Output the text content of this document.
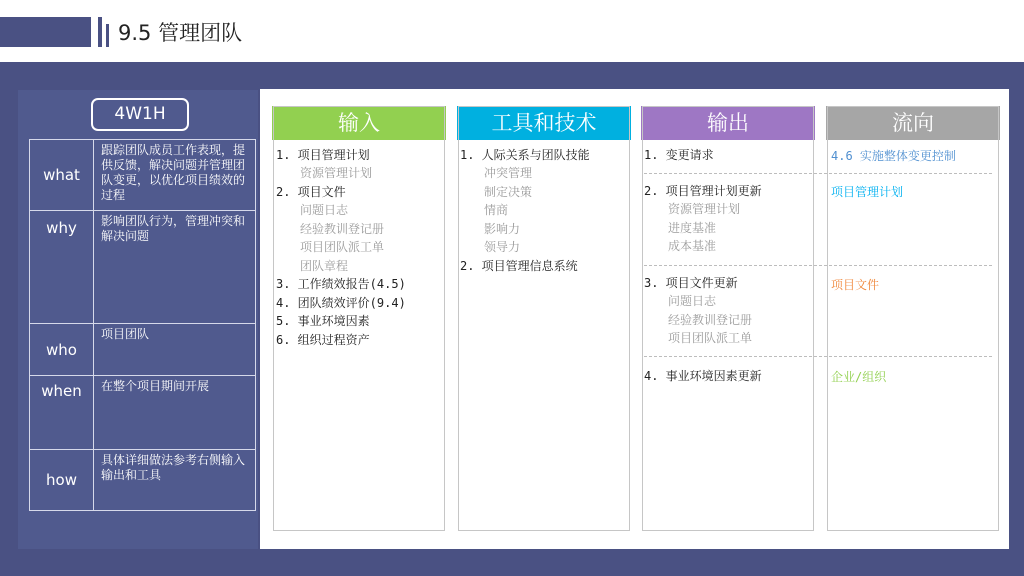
9.5 管理团队
4W1H
what	跟踪团队成员工作表现，提供反馈，解决问题并管理团队变更，以优化项目绩效的过程
why	影响团队行为，管理冲突和解决问题
who	项目团队
when	在整个项目期间开展
how	具体详细做法参考右侧输入输出和工具
输入
1. 项目管理计划
资源管理计划
2. 项目文件
问题日志
经验教训登记册
项目团队派工单
团队章程
3. 工作绩效报告(4.5)
4. 团队绩效评价(9.4)
5. 事业环境因素
6. 组织过程资产
工具和技术
1. 人际关系与团队技能
冲突管理
制定决策
情商
影响力
领导力
2. 项目管理信息系统
输出
1. 变更请求
2. 项目管理计划更新
资源管理计划
进度基准
成本基准
3. 项目文件更新
问题日志
经验教训登记册
项目团队派工单
4. 事业环境因素更新
流向
4.6 实施整体变更控制
项目管理计划
项目文件
企业/组织
